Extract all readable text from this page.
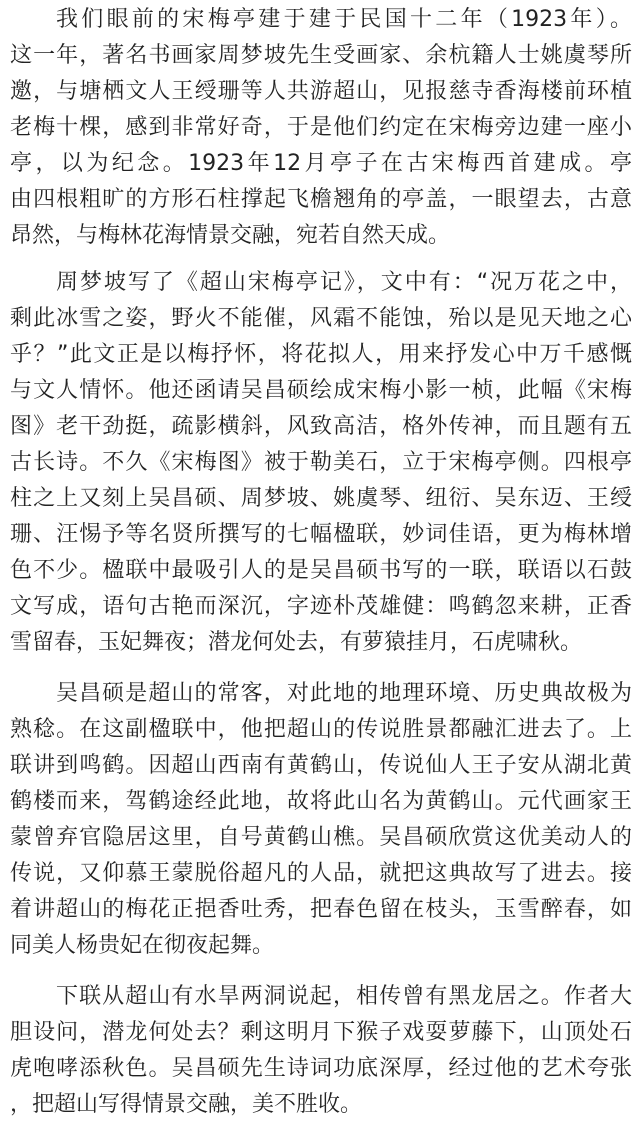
我们眼前的宋梅亭建于建于民国十二年（1923年）。
这一年，著名书画家周梦坡先生受画家、余杭籍人士姚虞琴所
邀，与塘栖文人王绶珊等人共游超山，见报慈寺香海楼前环植
老梅十棵，感到非常好奇，于是他们约定在宋梅旁边建一座小
亭，以为纪念。1923年12月亭子在古宋梅西首建成。亭
由四根粗旷的方形石柱撑起飞檐翘角的亭盖，一眼望去，古意
昂然，与梅林花海情景交融，宛若自然天成。
周梦坡写了《超山宋梅亭记》，文中有：“况万花之中，
剩此冰雪之姿，野火不能催，风霜不能蚀，殆以是见天地之心
乎？”此文正是以梅抒怀，将花拟人，用来抒发心中万千感慨
与文人情怀。他还函请吴昌硕绘成宋梅小影一桢，此幅《宋梅
图》老干劲挺，疏影横斜，风致高洁，格外传神，而且题有五
古长诗。不久《宋梅图》被于勒美石，立于宋梅亭侧。四根亭
柱之上又刻上吴昌硕、周梦坡、姚虞琴、纽衍、吴东迈、王绶
珊、汪惕予等名贤所撰写的七幅楹联，妙词佳语，更为梅林增
色不少。楹联中最吸引人的是吴昌硕书写的一联，联语以石鼓
文写成，语句古艳而深沉，字迹朴茂雄健：鸣鹤忽来耕，正香
雪留春，玉妃舞夜；潜龙何处去，有萝猿挂月，石虎啸秋。
吴昌硕是超山的常客，对此地的地理环境、历史典故极为
熟稔。在这副楹联中，他把超山的传说胜景都融汇进去了。上
联讲到鸣鹤。因超山西南有黄鹤山，传说仙人王子安从湖北黄
鹤楼而来，驾鹤途经此地，故将此山名为黄鹤山。元代画家王
蒙曾弃官隐居这里，自号黄鹤山樵。吴昌硕欣赏这优美动人的
传说，又仰慕王蒙脱俗超凡的人品，就把这典故写了进去。接
着讲超山的梅花正挹香吐秀，把春色留在枝头，玉雪醉春，如
同美人杨贵妃在彻夜起舞。
下联从超山有水旱两洞说起，相传曾有黑龙居之。作者大
胆设问，潜龙何处去？剩这明月下猴子戏耍萝藤下，山顶处石
虎咆哮添秋色。吴昌硕先生诗词功底深厚，经过他的艺术夸张
，把超山写得情景交融，美不胜收。
